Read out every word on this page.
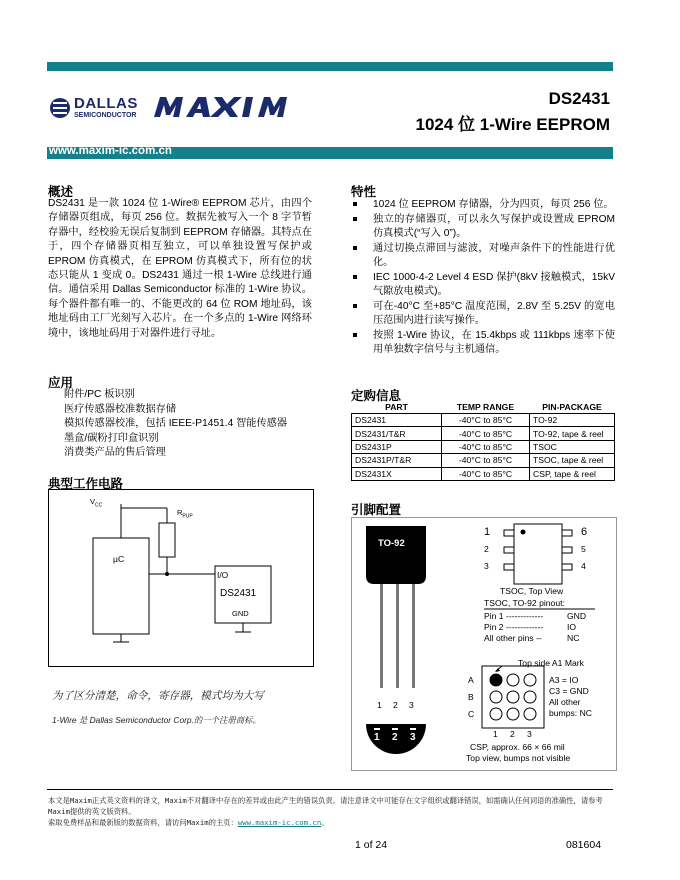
DALLAS
SEMICONDUCTOR
DS2431
1024 位 1-Wire EEPROM
www.maxim-ic.com.cn
概述

DS2431 是一款 1024 位 1-Wire® EEPROM 芯片，由四个存储器页组成，每页 256 位。数据先被写入一个 8 字节暂存器中，经校验无误后复制到 EEPROM 存储器。其特点在于，四个存储器页相互独立，可以单独设置写保护或 EPROM 仿真模式，在 EPROM 仿真模式下，所有位的状态只能从 1 变成 0。DS2431 通过一根 1-Wire 总线进行通信。通信采用 Dallas Semiconductor 标准的 1-Wire 协议。每个器件都有唯一的、不能更改的 64 位 ROM 地址码，该地址码由工厂光刻写入芯片。在一个多点的 1-Wire 网络环境中，该地址码用于对器件进行寻址。

应用
附件/PC 板识别
医疗传感器校准数据存储
模拟传感器校准，包括 IEEE-P1451.4 智能传感器
墨盒/碳粉打印盒识别
消费类产品的售后管理
典型工作电路
$V_{CC}$
$R_{PUP}$
µC
I/O
DS2431
GND
为了区分清楚，命令，寄存器，模式均为大写
1-Wire 是 Dallas Semiconductor Corp.的一个注册商标。
特性
1024 位 EEPROM 存储器，分为四页，每页 256 位。
独立的存储器页，可以永久写保护或设置成 EPROM 仿真模式(“写入 0”)。
通过切换点滞回与滤波，对噪声条件下的性能进行优化。
IEC 1000-4-2 Level 4 ESD 保护(8kV 接触模式，15kV 气隙放电模式)。
可在-40°C 至+85°C 温度范围，2.8V 至 5.25V 的宽电压范围内进行读写操作。
按照 1-Wire 协议，在 15.4kbps 或 111kbps 速率下使用单独数字信号与主机通信。
定购信息
PART	TEMP RANGE	PIN-PACKAGE
DS2431	-40°C to 85°C	TO-92
DS2431/T&R	-40°C to 85°C	TO-92, tape & reel
DS2431P	-40°C to 85°C	TSOC
DS2431P/T&R	-40°C to 85°C	TSOC, tape & reel
DS2431X	-40°C to 85°C	CSP, tape & reel
引脚配置
TO-92
1
2
3
6
5
4
TSOC, Top View
TSOC, TO-92 pinout:
Pin 1 -------------	GND
Pin 2 -------------	IO
All other pins --	NC
Top side A1 Mark
A
B
C
A3 = IO
C3 = GND
All other
bumps: NC
1 2 3
1 2 3
1 2 3
CSP, approx. 66 × 66 mil
Top view, bumps not visible
本文是Maxim正式英文资料的译文，Maxim不对翻译中存在的差异或由此产生的错误负责。请注意译文中可能存在文字组织或翻译错误，如需确认任何词语的准确性，请参考Maxim提供的英文版资料。
索取免费样品和最新版的数据资料，请访问Maxim的主页：www.maxim-ic.com.cn。
1 of 24	081604
